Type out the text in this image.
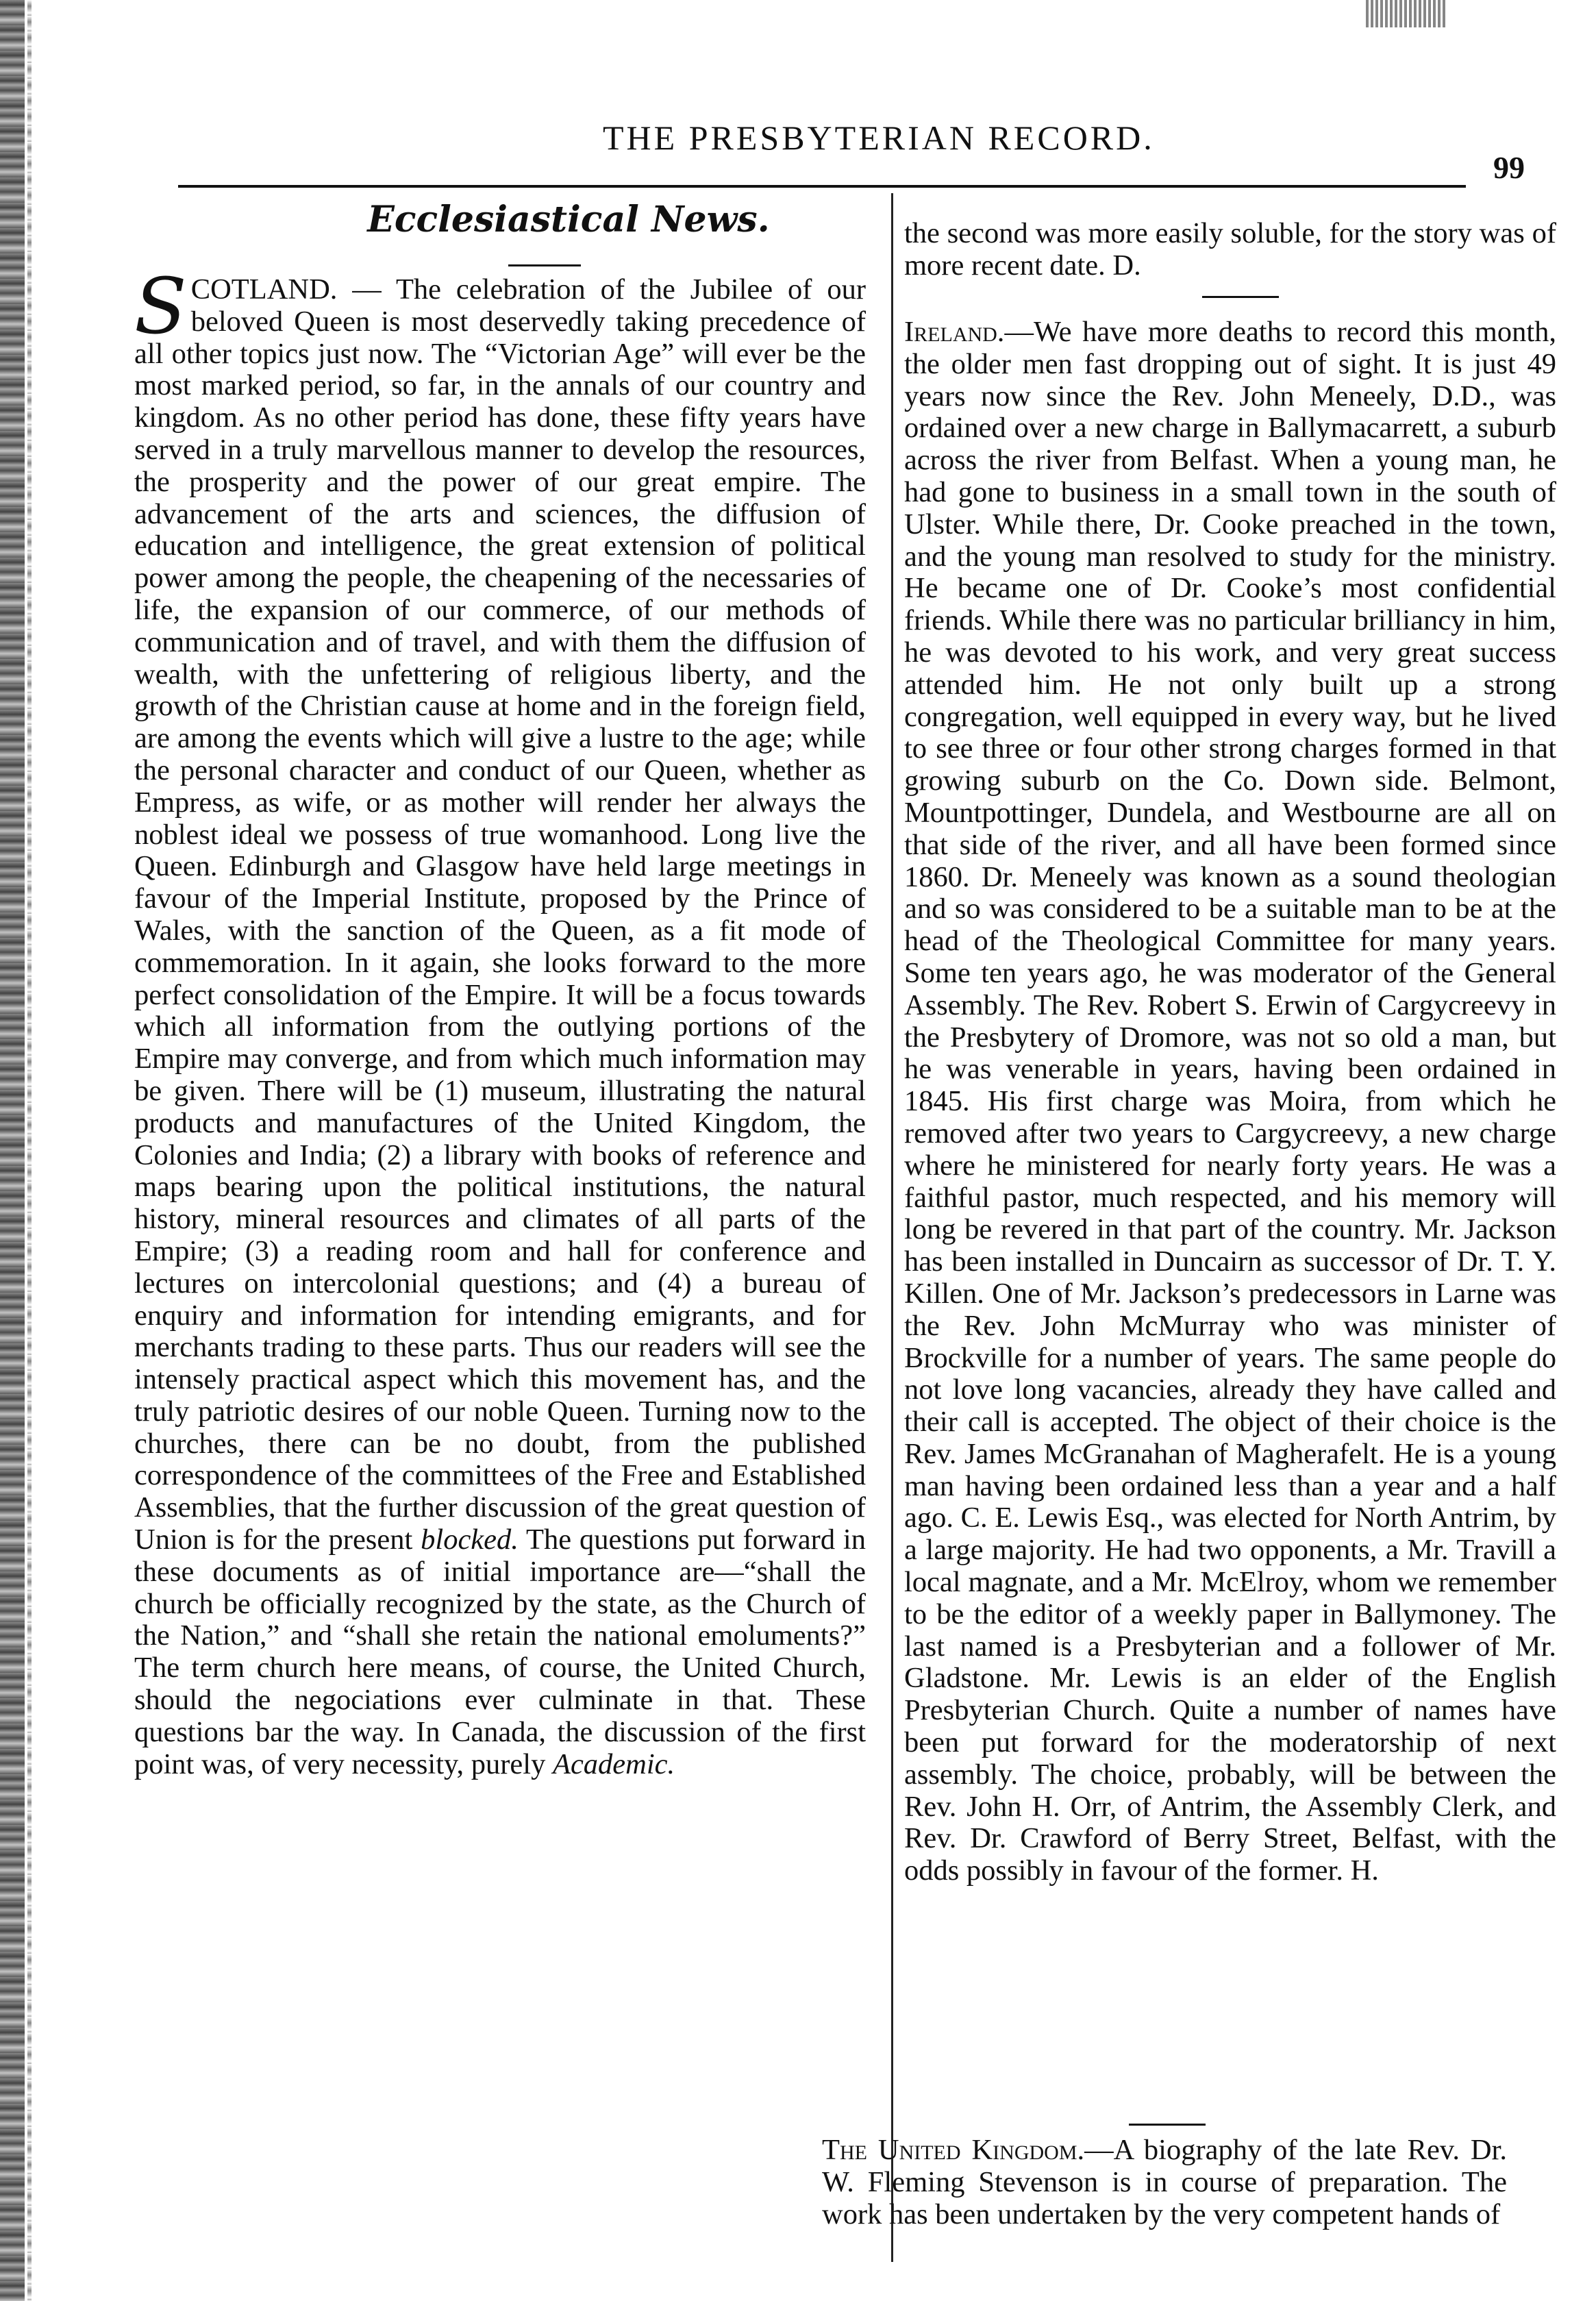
THE PRESBYTERIAN RECORD.
99
Ecclesiastical News.

SCOTLAND. — The celebration of the Jubilee of our beloved Queen is most deservedly taking precedence of all other topics just now. The “Victorian Age” will ever be the most marked period, so far, in the annals of our country and kingdom. As no other period has done, these fifty years have served in a truly marvellous manner to develop the resources, the prosperity and the power of our great empire. The advancement of the arts and sciences, the diffusion of education and intelligence, the great extension of political power among the people, the cheapening of the necessaries of life, the expansion of our commerce, of our methods of communication and of travel, and with them the diffusion of wealth, with the unfettering of religious liberty, and the growth of the Christian cause at home and in the foreign field, are among the events which will give a lustre to the age; while the personal character and conduct of our Queen, whether as Empress, as wife, or as mother will render her always the noblest ideal we possess of true womanhood. Long live the Queen. Edinburgh and Glasgow have held large meetings in favour of the Imperial Institute, proposed by the Prince of Wales, with the sanction of the Queen, as a fit mode of commemoration. In it again, she looks forward to the more perfect consolidation of the Empire. It will be a focus towards which all information from the outlying portions of the Empire may converge, and from which much information may be given. There will be (1) museum, illustrating the natural products and manufactures of the United Kingdom, the Colonies and India; (2) a library with books of reference and maps bearing upon the political institutions, the natural history, mineral resources and climates of all parts of the Empire; (3) a reading room and hall for conference and lectures on intercolonial questions; and (4) a bureau of enquiry and information for intending emigrants, and for merchants trading to these parts. Thus our readers will see the intensely practical aspect which this movement has, and the truly patriotic desires of our noble Queen. Turning now to the churches, there can be no doubt, from the published correspondence of the committees of the Free and Established Assemblies, that the further discussion of the great question of Union is for the present blocked. The questions put forward in these documents as of initial importance are—“shall the church be officially recognized by the state, as the Church of the Nation,” and “shall she retain the national emoluments?” The term church here means, of course, the United Church, should the negociations ever culminate in that. These questions bar the way. In Canada, the discussion of the first point was, of very necessity, purely Academic.

the second was more easily soluble, for the story was of more recent date. D.

Ireland.—We have more deaths to record this month, the older men fast dropping out of sight. It is just 49 years now since the Rev. John Meneely, D.D., was ordained over a new charge in Ballymacarrett, a suburb across the river from Belfast. When a young man, he had gone to business in a small town in the south of Ulster. While there, Dr. Cooke preached in the town, and the young man resolved to study for the ministry. He became one of Dr. Cooke’s most confidential friends. While there was no particular brilliancy in him, he was devoted to his work, and very great success attended him. He not only built up a strong congregation, well equipped in every way, but he lived to see three or four other strong charges formed in that growing suburb on the Co. Down side. Belmont, Mountpottinger, Dundela, and Westbourne are all on that side of the river, and all have been formed since 1860. Dr. Meneely was known as a sound theologian and so was considered to be a suitable man to be at the head of the Theological Committee for many years. Some ten years ago, he was moderator of the General Assembly. The Rev. Robert S. Erwin of Cargycreevy in the Presbytery of Dromore, was not so old a man, but he was venerable in years, having been ordained in 1845. His first charge was Moira, from which he removed after two years to Cargycreevy, a new charge where he ministered for nearly forty years. He was a faithful pastor, much respected, and his memory will long be revered in that part of the country. Mr. Jackson has been installed in Duncairn as successor of Dr. T. Y. Killen. One of Mr. Jackson’s predecessors in Larne was the Rev. John McMurray who was minister of Brockville for a number of years. The same people do not love long vacancies, already they have called and their call is accepted. The object of their choice is the Rev. James McGranahan of Magherafelt. He is a young man having been ordained less than a year and a half ago. C. E. Lewis Esq., was elected for North Antrim, by a large majority. He had two opponents, a Mr. Travill a local magnate, and a Mr. McElroy, whom we remember to be the editor of a weekly paper in Ballymoney. The last named is a Presbyterian and a follower of Mr. Gladstone. Mr. Lewis is an elder of the English Presbyterian Church. Quite a number of names have been put forward for the moderatorship of next assembly. The choice, probably, will be between the Rev. John H. Orr, of Antrim, the Assembly Clerk, and Rev. Dr. Crawford of Berry Street, Belfast, with the odds possibly in favour of the former. H.

The United Kingdom.—A biography of the late Rev. Dr. W. Fleming Stevenson is in course of preparation. The work has been undertaken by the very competent hands of
